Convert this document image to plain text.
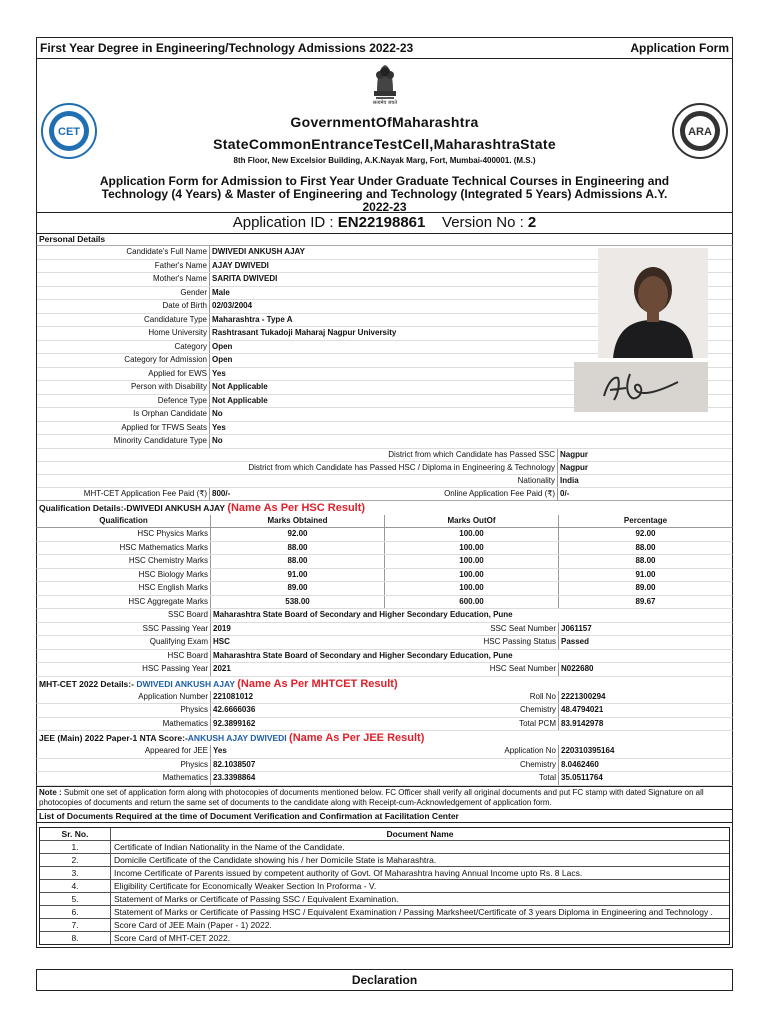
First Year Degree in Engineering/Technology Admissions 2022-23	Application Form
सत्यमेव जयते
CET	ARA
GovernmentOfMaharashtra
StateCommonEntranceTestCell,MaharashtraState
8th Floor, New Excelsior Building, A.K.Nayak Marg, Fort, Mumbai-400001. (M.S.)
Application Form for Admission to First Year Under Graduate Technical Courses in Engineering and Technology (4 Years) & Master of Engineering and Technology (Integrated 5 Years) Admissions A.Y. 2022-23
Application ID : EN22198861 Version No : 2
Personal Details
Candidate's Full Name DWIVEDI ANKUSH AJAY
Father's Name AJAY DWIVEDI
Mother's Name SARITA DWIVEDI
Gender Male
Date of Birth 02/03/2004
Candidature Type Maharashtra - Type A
Home University Rashtrasant Tukadoji Maharaj Nagpur University
Category Open
Category for Admission Open
Applied for EWS Yes
Person with Disability Not Applicable
Defence Type Not Applicable
Is Orphan Candidate No
Applied for TFWS Seats Yes
Minority Candidature Type No
District from which Candidate has Passed SSC Nagpur
District from which Candidate has Passed HSC / Diploma in Engineering & Technology Nagpur
Nationality India
MHT-CET Application Fee Paid (₹) 800/-	Online Application Fee Paid (₹) 0/-
Qualification Details:-DWIVEDI ANKUSH AJAY (Name As Per HSC Result)
Qualification	Marks Obtained	Marks OutOf	Percentage
HSC Physics Marks	92.00	100.00	92.00
HSC Mathematics Marks	88.00	100.00	88.00
HSC Chemistry Marks	88.00	100.00	88.00
HSC Biology Marks	91.00	100.00	91.00
HSC English Marks	89.00	100.00	89.00
HSC Aggregate Marks	538.00	600.00	89.67
SSC Board Maharashtra State Board of Secondary and Higher Secondary Education, Pune
SSC Passing Year 2019	SSC Seat Number J061157
Qualifying Exam HSC	HSC Passing Status Passed
HSC Board Maharashtra State Board of Secondary and Higher Secondary Education, Pune
HSC Passing Year 2021	HSC Seat Number N022680
MHT-CET 2022 Details:- DWIVEDI ANKUSH AJAY (Name As Per MHTCET Result)
Application Number 221081012	Roll No 2221300294
Physics 42.6666036	Chemistry 48.4794021
Mathematics 92.3899162	Total PCM 83.9142978
JEE (Main) 2022 Paper-1 NTA Score:-ANKUSH AJAY DWIVEDI (Name As Per JEE Result)
Appeared for JEE Yes	Application No 220310395164
Physics 82.1038507	Chemistry 8.0462460
Mathematics 23.3398864	Total 35.0511764
Note : Submit one set of application form along with photocopies of documents mentioned below. FC Officer shall verify all original documents and put FC stamp with dated Signature on all photocopies of documents and return the same set of documents to the candidate along with Receipt-cum-Acknowledgement of application form.
List of Documents Required at the time of Document Verification and Confirmation at Facilitation Center
Sr. No.	Document Name
1.	Certificate of Indian Nationality in the Name of the Candidate.
2.	Domicile Certificate of the Candidate showing his / her Domicile State is Maharashtra.
3.	Income Certificate of Parents issued by competent authority of Govt. Of Maharashtra having Annual Income upto Rs. 8 Lacs.
4.	Eligibility Certificate for Economically Weaker Section In Proforma - V.
5.	Statement of Marks or Certificate of Passing SSC / Equivalent Examination.
6.	Statement of Marks or Certificate of Passing HSC / Equivalent Examination / Passing Marksheet/Certificate of 3 years Diploma in Engineering and Technology .
7.	Score Card of JEE Main (Paper - 1) 2022.
8.	Score Card of MHT-CET 2022.
Declaration
